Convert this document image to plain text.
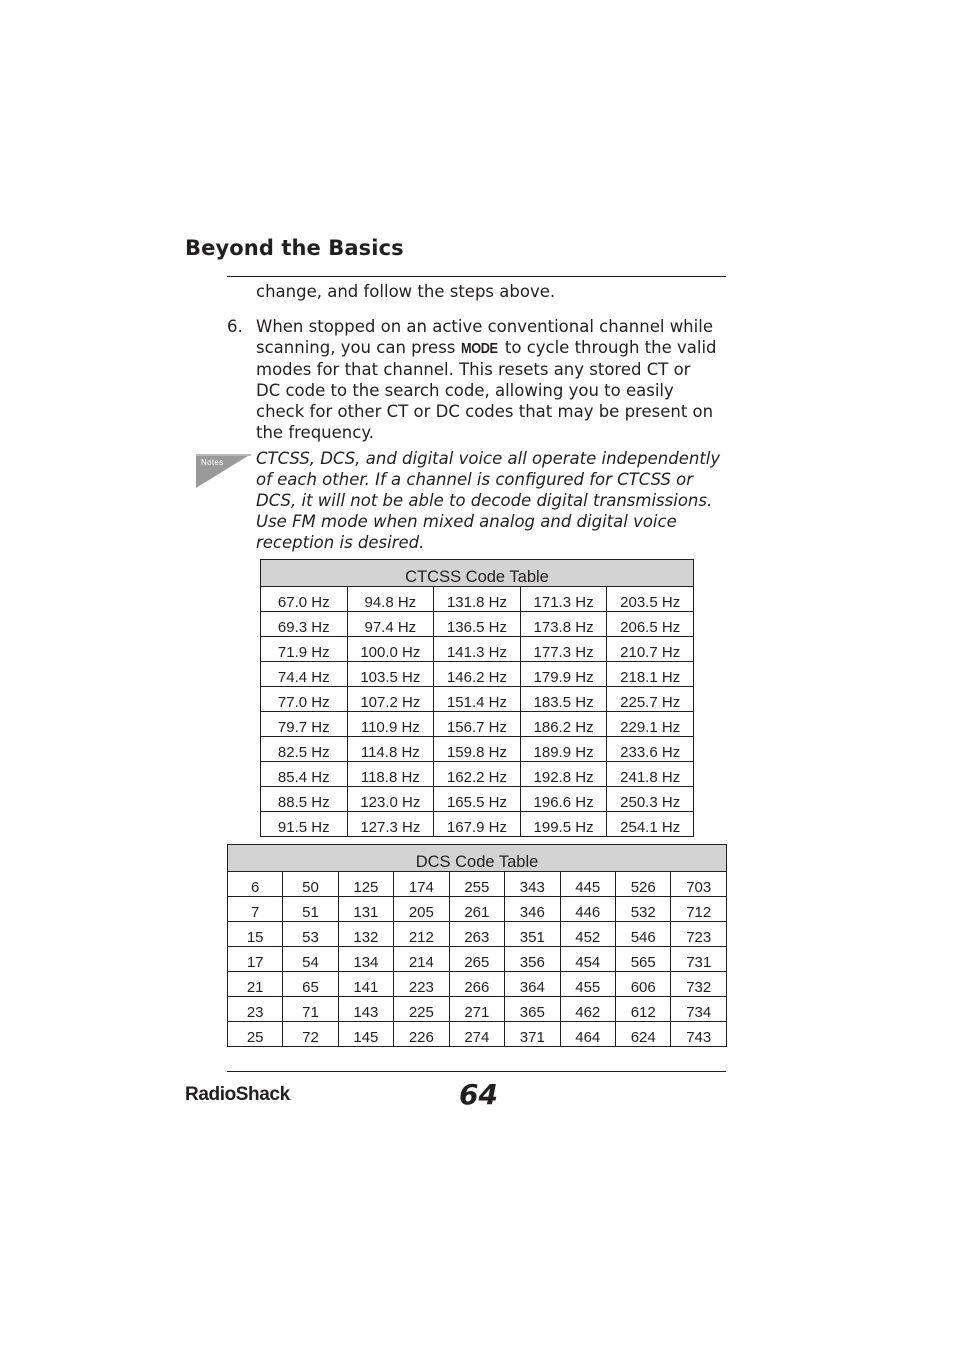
Beyond the Basics
change, and follow the steps above.
6. When stopped on an active conventional channel while scanning, you can press MODE to cycle through the valid modes for that channel. This resets any stored CT or DC code to the search code, allowing you to easily check for other CT or DC codes that may be present on the frequency.
Notes CTCSS, DCS, and digital voice all operate independently of each other. If a channel is configured for CTCSS or DCS, it will not be able to decode digital transmissions. Use FM mode when mixed analog and digital voice reception is desired.
CTCSS Code Table				
67.0 Hz	94.8 Hz	131.8 Hz	171.3 Hz	203.5 Hz
69.3 Hz	97.4 Hz	136.5 Hz	173.8 Hz	206.5 Hz
71.9 Hz	100.0 Hz	141.3 Hz	177.3 Hz	210.7 Hz
74.4 Hz	103.5 Hz	146.2 Hz	179.9 Hz	218.1 Hz
77.0 Hz	107.2 Hz	151.4 Hz	183.5 Hz	225.7 Hz
79.7 Hz	110.9 Hz	156.7 Hz	186.2 Hz	229.1 Hz
82.5 Hz	114.8 Hz	159.8 Hz	189.9 Hz	233.6 Hz
85.4 Hz	118.8 Hz	162.2 Hz	192.8 Hz	241.8 Hz
88.5 Hz	123.0 Hz	165.5 Hz	196.6 Hz	250.3 Hz
91.5 Hz	127.3 Hz	167.9 Hz	199.5 Hz	254.1 Hz
DCS Code Table								
6	50	125	174	255	343	445	526	703
7	51	131	205	261	346	446	532	712
15	53	132	212	263	351	452	546	723
17	54	134	214	265	356	454	565	731
21	65	141	223	266	364	455	606	732
23	71	143	225	271	365	462	612	734
25	72	145	226	274	371	464	624	743
RadioShack.	64
